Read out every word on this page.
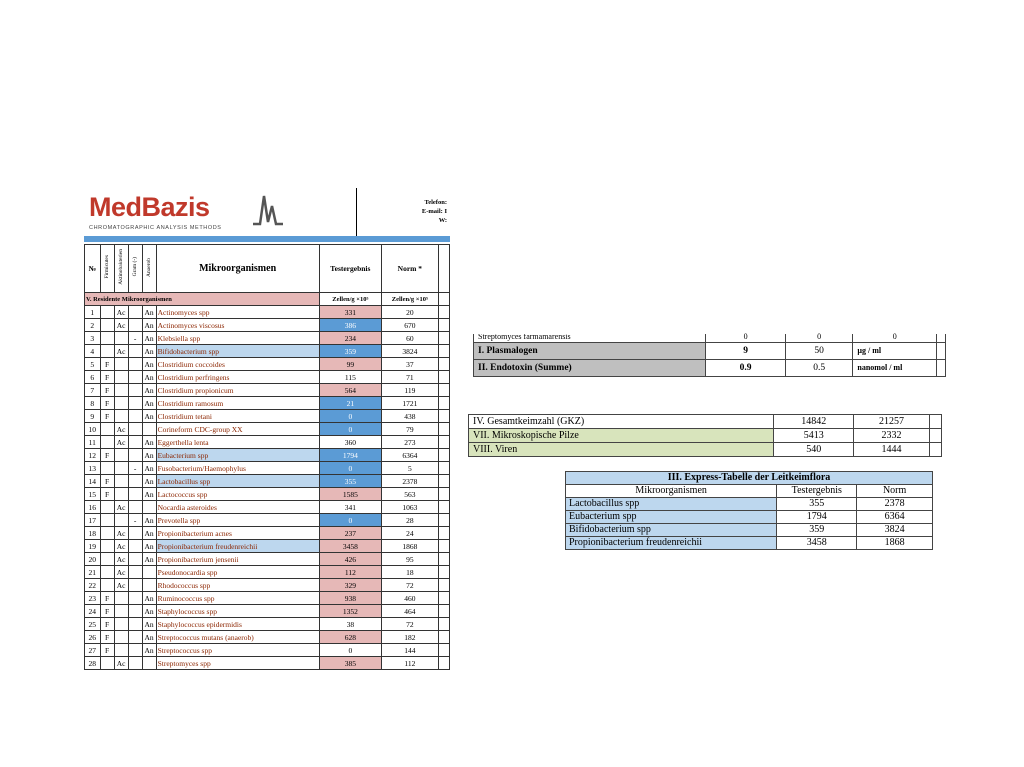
MedBazis
CHROMATOGRAPHIC ANALYSIS METHODS
Telefon:
E-mail: I
W:
№	Firmicutes	Aktinobakterien	Gram (-)	Anaerob	Mikroorganismen	Testergebnis	Norm *	
V. Residente Mikroorganismen						Zellen/g ×10⁵	Zellen/g ×10⁵	
1		Ac		An	Actinomyces spp	331	20	
2		Ac		An	Actinomyces viscosus	386	670	
3			-	An	Klebsiella spp	234	60	
4		Ac		An	Bifidobacterium spp	359	3824	
5	F			An	Clostridium coccoides	99	37	
6	F			An	Clostridium perfringens	115	71	
7	F			An	Clostridium propionicum	564	119	
8	F			An	Clostridium ramosum	21	1721	
9	F			An	Clostridium tetani	0	438	
10		Ac			Corineform CDC-group XX	0	79	
11		Ac		An	Eggerthella lenta	360	273	
12	F			An	Eubacterium spp	1794	6364	
13			-	An	Fusobacterium/Haemophylus	0	5	
14	F			An	Lactobacillus spp	355	2378	
15	F			An	Lactococcus spp	1585	563	
16		Ac			Nocardia asteroides	341	1063	
17			-	An	Prevotella spp	0	28	
18		Ac		An	Propionibacterium acnes	237	24	
19		Ac		An	Propionibacterium freudenreichii	3458	1868	
20		Ac		An	Propionibacterium jensenii	426	95	
21		Ac			Pseudonocardia spp	112	18	
22		Ac			Rhodococcus spp	329	72	
23	F			An	Ruminococcus spp	938	460	
24	F			An	Staphylococcus spp	1352	464	
25	F			An	Staphylococcus epidermidis	38	72	
26	F			An	Streptococcus mutans (anaerob)	628	182	
27	F			An	Streptococcus spp	0	144	
28		Ac			Streptomyces spp	385	112	
Streptomyces farmamarensis	0	0	0	
I. Plasmalogen	9	50	µg / ml	
II. Endotoxin (Summe)	0.9	0.5	nanomol / ml	
IV. Gesamtkeimzahl (GKZ)	14842	21257	
VII. Mikroskopische Pilze	5413	2332	
VIII. Viren	540	1444	
III. Express-Tabelle der Leitkeimflora		
Mikroorganismen	Testergebnis	Norm
Lactobacillus spp	355	2378
Eubacterium spp	1794	6364
Bifidobacterium spp	359	3824
Propionibacterium freudenreichii	3458	1868
